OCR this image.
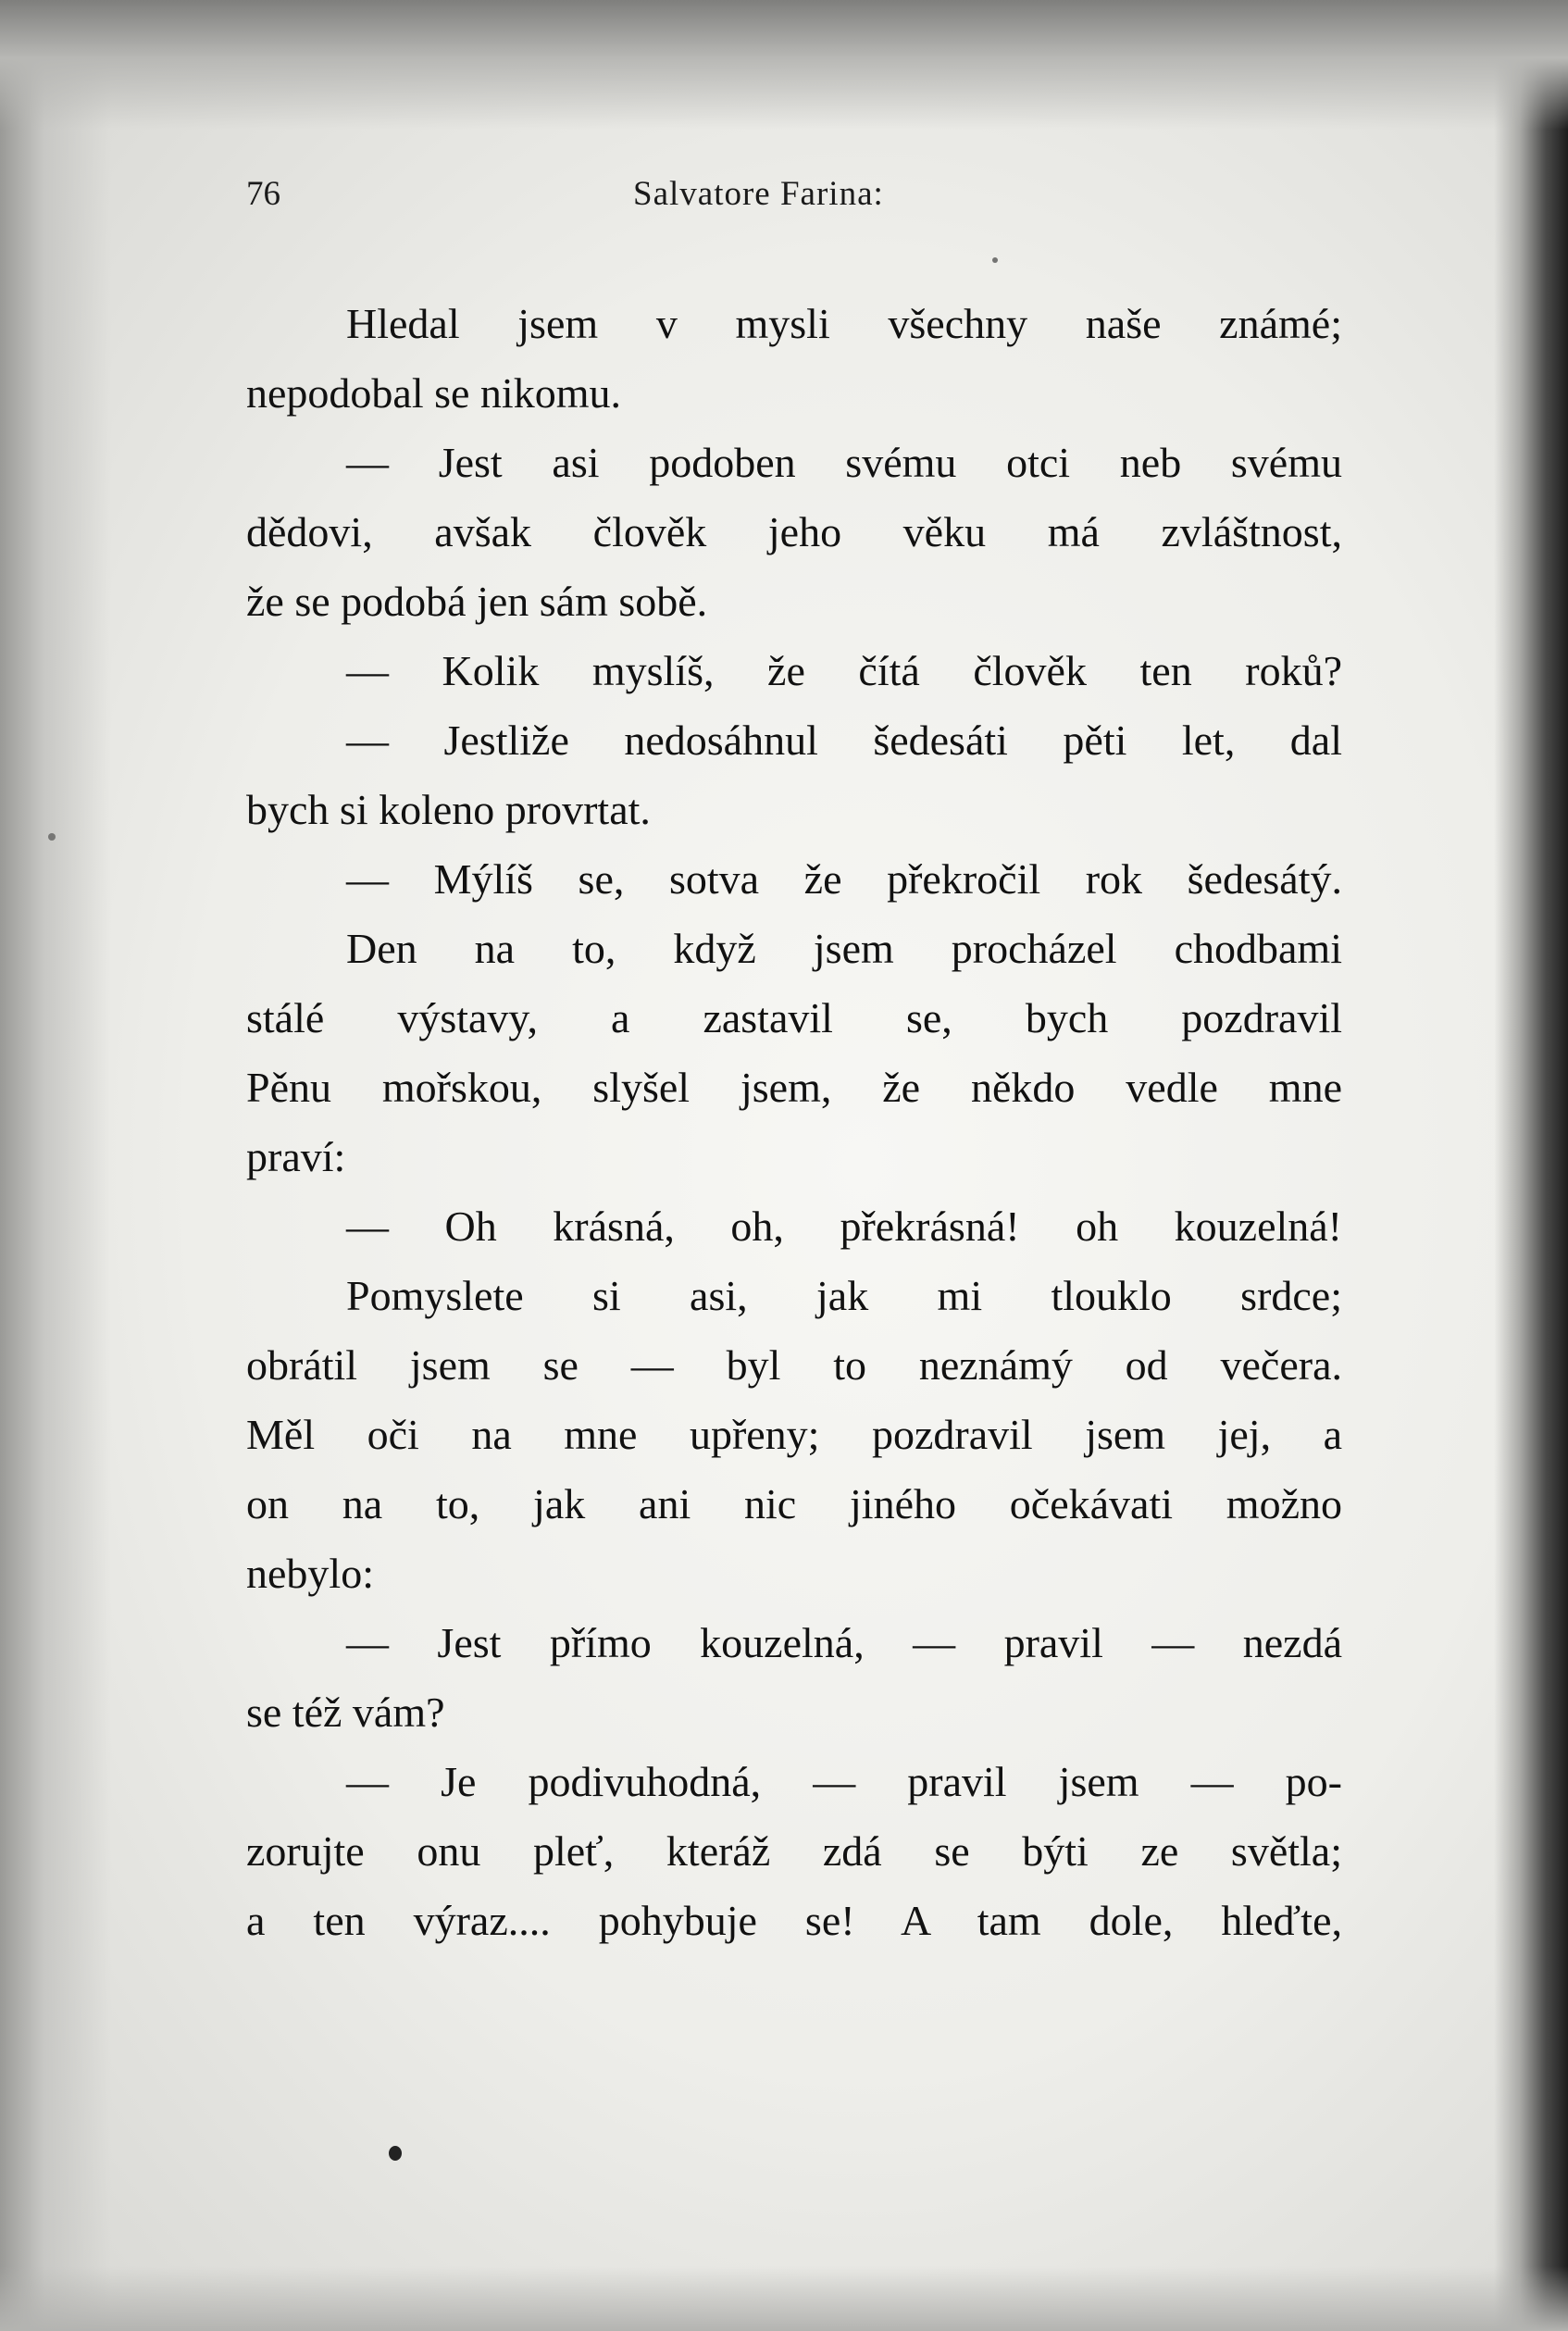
76	Salvatore Farina:

Hledal jsem v mysli všechny naše známé;
nepodobal se nikomu.

— Jest asi podoben svému otci neb svému
dědovi, avšak člověk jeho věku má zvláštnost,
že se podobá jen sám sobě.

— Kolik myslíš, že čítá člověk ten roků?

— Jestliže nedosáhnul šedesáti pěti let, dal
bych si koleno provrtat.

— Mýlíš se, sotva že překročil rok šedesátý.

Den na to, když jsem procházel chodbami
stálé výstavy, a zastavil se, bych pozdravil
Pěnu mořskou, slyšel jsem, že někdo vedle mne
praví:

— Oh krásná, oh, překrásná! oh kouzelná!

Pomyslete si asi, jak mi tlouklo srdce;
obrátil jsem se — byl to neznámý od večera.
Měl oči na mne upřeny; pozdravil jsem jej, a
on na to, jak ani nic jiného očekávati možno
nebylo:

— Jest přímo kouzelná, — pravil — nezdá
se též vám?

— Je podivuhodná, — pravil jsem — po-
zorujte onu pleť, kteráž zdá se býti ze světla;
a ten výraz.... pohybuje se! A tam dole, hleďte,
